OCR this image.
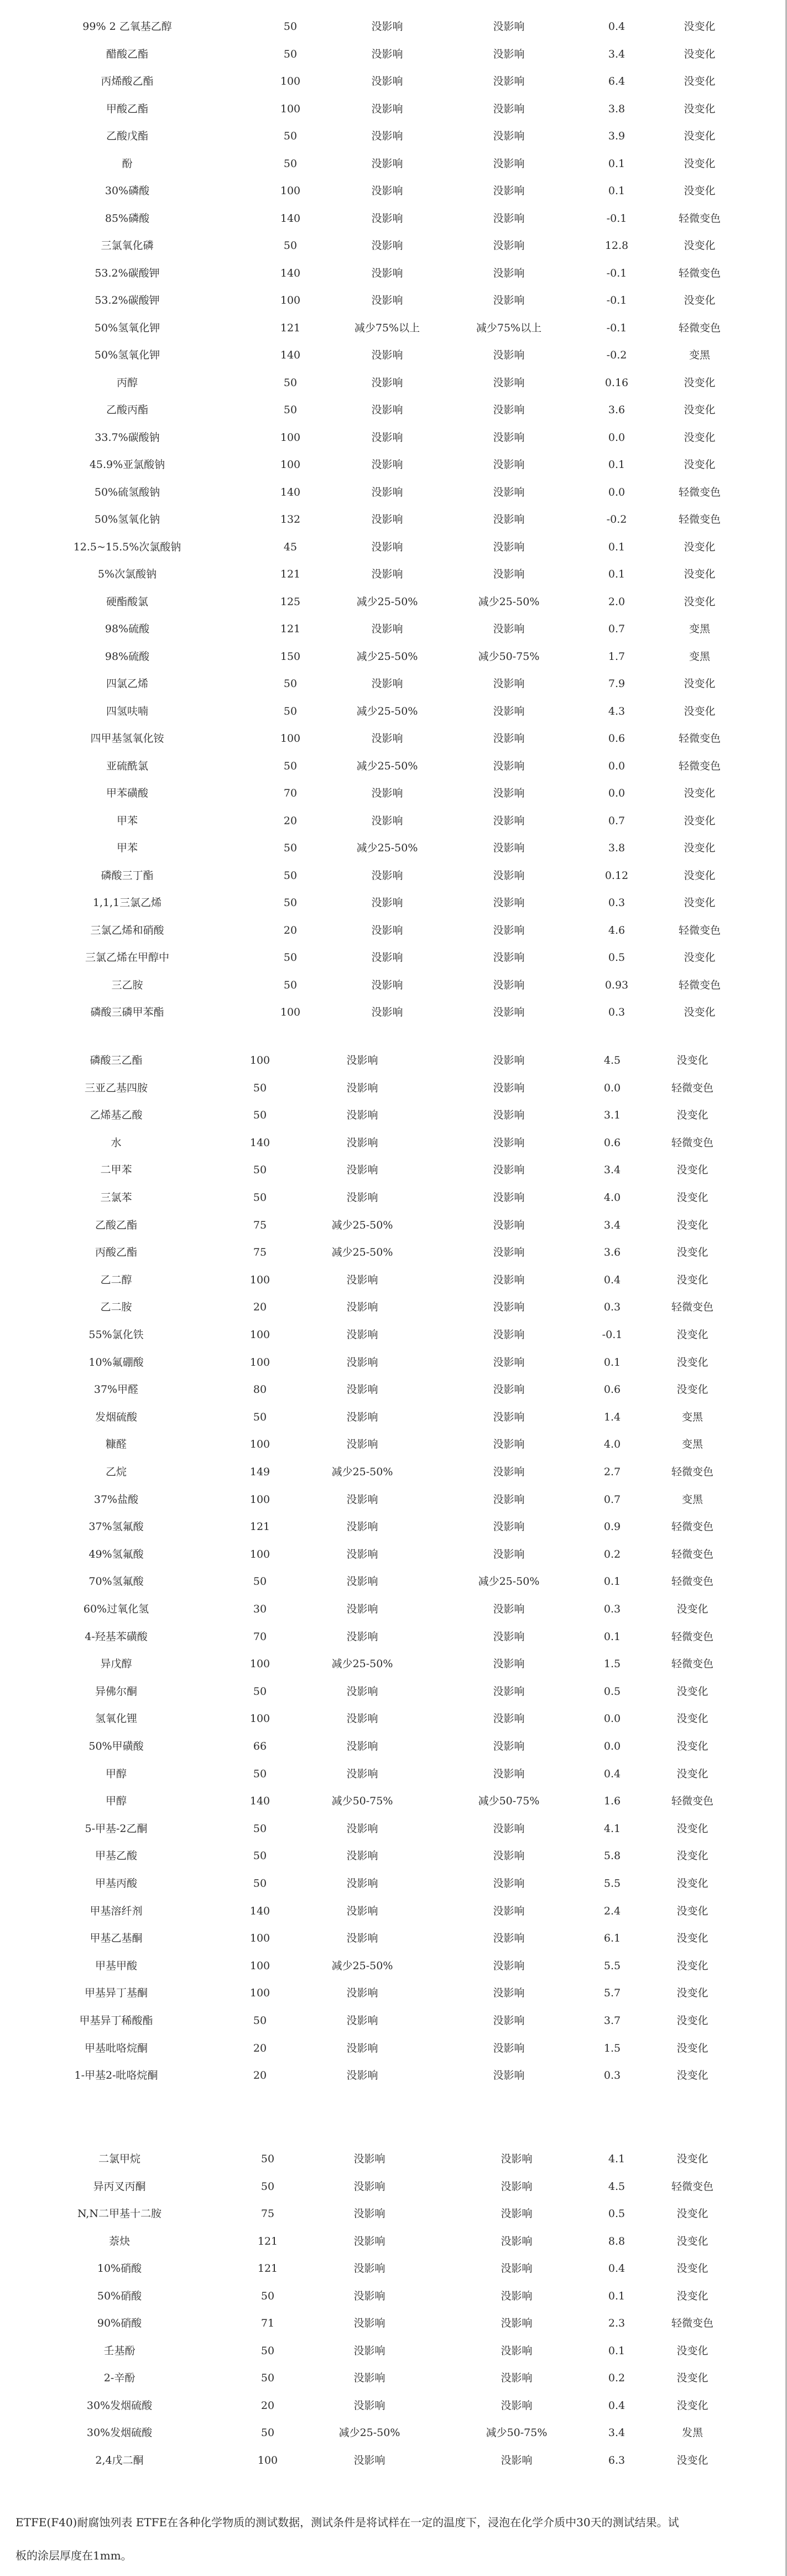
99% 2 乙氧基乙醇	50	没影响	没影响	0.4	没变化
醋酸乙酯	50	没影响	没影响	3.4	没变化
丙烯酸乙酯	100	没影响	没影响	6.4	没变化
甲酸乙酯	100	没影响	没影响	3.8	没变化
乙酸戊酯	50	没影响	没影响	3.9	没变化
酚	50	没影响	没影响	0.1	没变化
30%磷酸	100	没影响	没影响	0.1	没变化
85%磷酸	140	没影响	没影响	-0.1	轻微变色
三氯氧化磷	50	没影响	没影响	12.8	没变化
53.2%碳酸钾	140	没影响	没影响	-0.1	轻微变色
53.2%碳酸钾	100	没影响	没影响	-0.1	没变化
50%氢氧化钾	121	减少75%以上	减少75%以上	-0.1	轻微变色
50%氢氧化钾	140	没影响	没影响	-0.2	变黑
丙醇	50	没影响	没影响	0.16	没变化
乙酸丙酯	50	没影响	没影响	3.6	没变化
33.7%碳酸钠	100	没影响	没影响	0.0	没变化
45.9%亚氯酸钠	100	没影响	没影响	0.1	没变化
50%硫氢酸钠	140	没影响	没影响	0.0	轻微变色
50%氢氧化钠	132	没影响	没影响	-0.2	轻微变色
12.5~15.5%次氯酸钠	45	没影响	没影响	0.1	没变化
5%次氯酸钠	121	没影响	没影响	0.1	没变化
硬酯酸氯	125	减少25-50%	减少25-50%	2.0	没变化
98%硫酸	121	没影响	没影响	0.7	变黑
98%硫酸	150	减少25-50%	减少50-75%	1.7	变黑
四氯乙烯	50	没影响	没影响	7.9	没变化
四氢呋喃	50	减少25-50%	没影响	4.3	没变化
四甲基氢氧化铵	100	没影响	没影响	0.6	轻微变色
亚硫酰氯	50	减少25-50%	没影响	0.0	轻微变色
甲苯磺酸	70	没影响	没影响	0.0	没变化
甲苯	20	没影响	没影响	0.7	没变化
甲苯	50	减少25-50%	没影响	3.8	没变化
磷酸三丁酯	50	没影响	没影响	0.12	没变化
1,1,1三氯乙烯	50	没影响	没影响	0.3	没变化
三氯乙烯和硝酸	20	没影响	没影响	4.6	轻微变色
三氯乙烯在甲醇中	50	没影响	没影响	0.5	没变化
三乙胺	50	没影响	没影响	0.93	轻微变色
磷酸三磷甲苯酯	100	没影响	没影响	0.3	没变化
磷酸三乙酯	100	没影响	没影响	4.5	没变化
三亚乙基四胺	50	没影响	没影响	0.0	轻微变色
乙烯基乙酸	50	没影响	没影响	3.1	没变化
水	140	没影响	没影响	0.6	轻微变色
二甲苯	50	没影响	没影响	3.4	没变化
三氯苯	50	没影响	没影响	4.0	没变化
乙酸乙酯	75	减少25-50%	没影响	3.4	没变化
丙酸乙酯	75	减少25-50%	没影响	3.6	没变化
乙二醇	100	没影响	没影响	0.4	没变化
乙二胺	20	没影响	没影响	0.3	轻微变色
55%氯化铁	100	没影响	没影响	-0.1	没变化
10%氟硼酸	100	没影响	没影响	0.1	没变化
37%甲醛	80	没影响	没影响	0.6	没变化
发烟硫酸	50	没影响	没影响	1.4	变黑
糠醛	100	没影响	没影响	4.0	变黑
乙烷	149	减少25-50%	没影响	2.7	轻微变色
37%盐酸	100	没影响	没影响	0.7	变黑
37%氢氟酸	121	没影响	没影响	0.9	轻微变色
49%氢氟酸	100	没影响	没影响	0.2	轻微变色
70%氢氟酸	50	没影响	减少25-50%	0.1	轻微变色
60%过氧化氢	30	没影响	没影响	0.3	没变化
4-羟基苯磺酸	70	没影响	没影响	0.1	轻微变色
异戊醇	100	减少25-50%	没影响	1.5	轻微变色
异佛尔酮	50	没影响	没影响	0.5	没变化
氢氧化锂	100	没影响	没影响	0.0	没变化
50%甲磺酸	66	没影响	没影响	0.0	没变化
甲醇	50	没影响	没影响	0.4	没变化
甲醇	140	减少50-75%	减少50-75%	1.6	轻微变色
5-甲基-2乙酮	50	没影响	没影响	4.1	没变化
甲基乙酸	50	没影响	没影响	5.8	没变化
甲基丙酸	50	没影响	没影响	5.5	没变化
甲基溶纤剂	140	没影响	没影响	2.4	没变化
甲基乙基酮	100	没影响	没影响	6.1	没变化
甲基甲酸	100	减少25-50%	没影响	5.5	没变化
甲基异丁基酮	100	没影响	没影响	5.7	没变化
甲基异丁稀酸酯	50	没影响	没影响	3.7	没变化
甲基吡咯烷酮	20	没影响	没影响	1.5	没变化
1-甲基2-吡咯烷酮	20	没影响	没影响	0.3	没变化
二氯甲烷	50	没影响	没影响	4.1	没变化
异丙叉丙酮	50	没影响	没影响	4.5	轻微变色
N,N二甲基十二胺	75	没影响	没影响	0.5	没变化
萘炔	121	没影响	没影响	8.8	没变化
10%硝酸	121	没影响	没影响	0.4	没变化
50%硝酸	50	没影响	没影响	0.1	没变化
90%硝酸	71	没影响	没影响	2.3	轻微变色
壬基酚	50	没影响	没影响	0.1	没变化
2-辛酚	50	没影响	没影响	0.2	没变化
30%发烟硫酸	20	没影响	没影响	0.4	没变化
30%发烟硫酸	50	减少25-50%	减少50-75%	3.4	发黑
2,4戊二酮	100	没影响	没影响	6.3	没变化
ETFE(F40)耐腐蚀列表 ETFE在各种化学物质的测试数据，测试条件是将试样在一定的温度下，浸泡在化学介质中30天的测试结果。试
板的涂层厚度在1mm。
